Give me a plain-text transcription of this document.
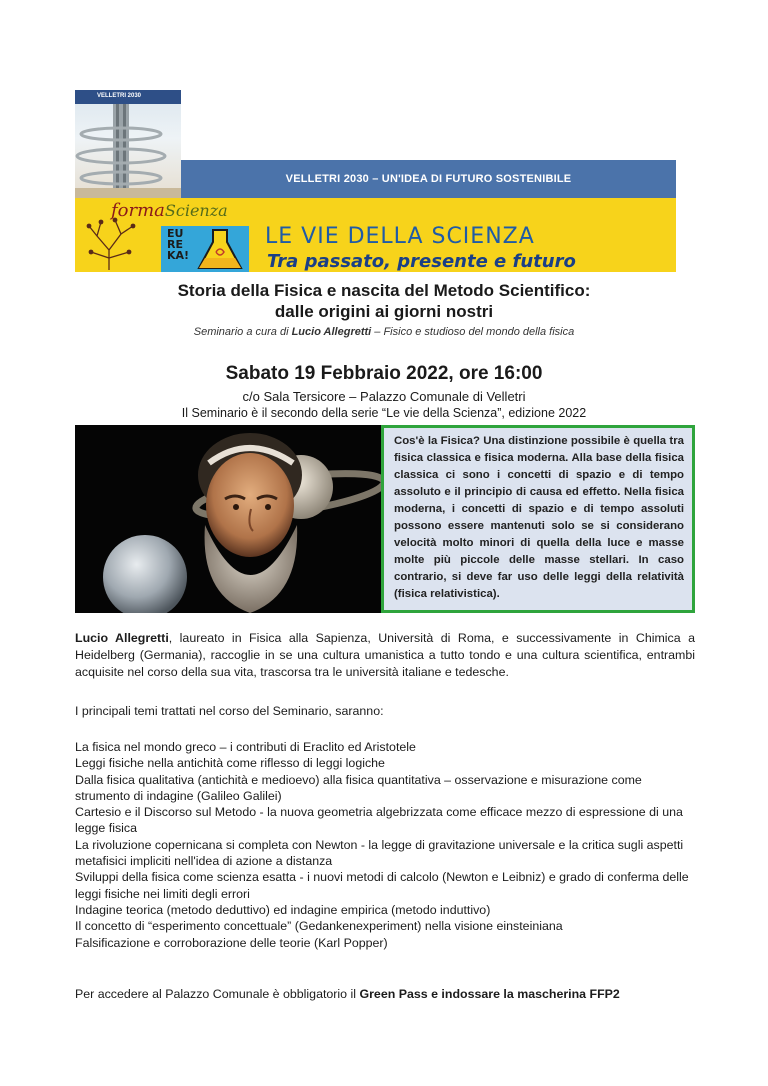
VELLETRI 2030
VELLETRI 2030 – UN'IDEA DI FUTURO SOSTENIBILE
formaScienza
EU RE KA!
LE VIE DELLA SCIENZA
Tra passato, presente e futuro
Storia della Fisica e nascita del Metodo Scientifico:
dalle origini ai giorni nostri
Seminario a cura di Lucio Allegretti – Fisico e studioso del mondo della fisica
Sabato 19 Febbraio 2022, ore 16:00
c/o Sala Tersicore – Palazzo Comunale di Velletri
Il Seminario è il secondo della serie “Le vie della Scienza”, edizione 2022
Cos'è la Fisica? Una distinzione possibile è quella tra fisica classica e fisica moderna. Alla base della fisica classica ci sono i concetti di spazio e di tempo assoluto e il principio di causa ed effetto. Nella fisica moderna, i concetti di spazio e di tempo assoluti possono essere mantenuti solo se si considerano velocità molto minori di quella della luce e masse molte più piccole delle masse stellari. In caso contrario, si deve far uso delle leggi della relatività (fisica relativistica).

Lucio Allegretti, laureato in Fisica alla Sapienza, Università di Roma, e successivamente in Chimica a Heidelberg (Germania), raccoglie in se una cultura umanistica a tutto tondo e una cultura scientifica, entrambi acquisite nel corso della sua vita, trascorsa tra le università italiane e tedesche.

I principali temi trattati nel corso del Seminario, saranno:

La fisica nel mondo greco – i contributi di Eraclito ed Aristotele
Leggi fisiche nella antichità come riflesso di leggi logiche
Dalla fisica qualitativa (antichità e medioevo) alla fisica quantitativa – osservazione e misurazione come strumento di indagine (Galileo Galilei)
Cartesio e il Discorso sul Metodo - la nuova geometria algebrizzata come efficace mezzo di espressione di una legge fisica
La rivoluzione copernicana si completa con Newton - la legge di gravitazione universale e la critica sugli aspetti metafisici impliciti nell'idea di azione a distanza
Sviluppi della fisica come scienza esatta - i nuovi metodi di calcolo (Newton e Leibniz) e grado di conferma delle leggi fisiche nei limiti degli errori
Indagine teorica (metodo deduttivo) ed indagine empirica (metodo induttivo)
Il concetto di “esperimento concettuale” (Gedankenexperiment) nella visione einsteiniana
Falsificazione e corroborazione delle teorie (Karl Popper)

Per accedere al Palazzo Comunale è obbligatorio il Green Pass e indossare la mascherina FFP2
